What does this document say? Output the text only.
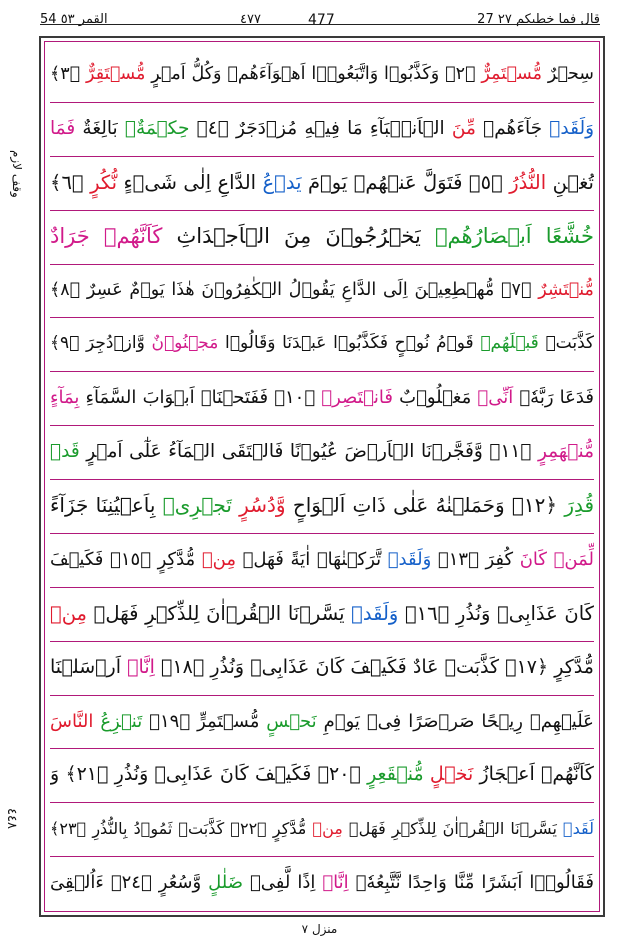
54 القمر ٥٣	٤٧٧	477	27 قال فما خطبكم ٢٧
وقف لازم
٤٤٨
سِحۡرٌ مُّسۡتَمِرٌّ ﴿٢﴾ وَكَذَّبُوۡا وَاتَّبَعُوۡۤا اَهۡوَآءَهُمۡ وَكُلُّ اَمۡرٍ مُّسۡتَقِرٌّ ﴿٣﴾
وَلَقَدۡ جَآءَهُمۡ مِّنَ الۡاَنۡۢبَآءِ مَا فِيۡهِ مُزۡدَجَرٌ ﴿٤﴾ حِكۡمَةٌۢ بَالِغَةٌ فَمَا
تُغۡنِ النُّذُرُ ﴿٥﴾ فَتَوَلَّ عَنۡهُمۡ يَوۡمَ يَدۡعُ الدَّاعِ اِلٰى شَىۡءٍ نُّكُرٍ ﴿٦﴾
خُشَّعًا اَبۡصَارُهُمۡ يَخۡرُجُوۡنَ مِنَ الۡاَجۡدَاثِ كَاَنَّهُمۡ جَرَادٌ
مُّنۡتَشِرٌ ﴿٧﴾ مُّهۡطِعِيۡنَ اِلَى الدَّاعِ يَقُوۡلُ الۡكٰفِرُوۡنَ هٰذَا يَوۡمٌ عَسِرٌ ﴿٨﴾
كَذَّبَتۡ قَبۡلَهُمۡ قَوۡمُ نُوۡحٍ فَكَذَّبُوۡا عَبۡدَنَا وَقَالُوۡا مَجۡنُوۡنٌ وَّازۡدُجِرَ ﴿٩﴾
فَدَعَا رَبَّهٗۤ اَنِّىۡ مَغۡلُوۡبٌ فَانۡتَصِرۡ ﴿١٠﴾ فَفَتَحۡنَاۤ اَبۡوَابَ السَّمَآءِ بِمَآءٍ
مُّنۡهَمِرٍ ﴿١١﴾ وَّفَجَّرۡنَا الۡاَرۡضَ عُيُوۡنًا فَالۡتَقَى الۡمَآءُ عَلٰٓى اَمۡرٍ قَدۡ
قُدِرَ ﴿١٢﴾ وَحَمَلۡنٰهُ عَلٰى ذَاتِ اَلۡوَاحٍ وَّدُسُرٍ تَجۡرِىۡ بِاَعۡيُنِنَا جَزَآءً
لِّمَنۡ كَانَ كُفِرَ ﴿١٣﴾ وَلَقَدۡ تَّرَكۡنٰهَاۤ اٰيَةً فَهَلۡ مِنۡ مُّدَّكِرٍ ﴿١٥﴾ فَكَيۡفَ
كَانَ عَذَابِىۡ وَنُذُرِ ﴿١٦﴾ وَلَقَدۡ يَسَّرۡنَا الۡقُرۡاٰنَ لِلذِّكۡرِ فَهَلۡ مِنۡ
مُّدَّكِرٍ ﴿١٧﴾ كَذَّبَتۡ عَادٌ فَكَيۡفَ كَانَ عَذَابِىۡ وَنُذُرِ ﴿١٨﴾ اِنَّاۤ اَرۡسَلۡنَا
عَلَيۡهِمۡ رِيۡحًا صَرۡصَرًا فِىۡ يَوۡمِ نَحۡسٍ مُّسۡتَمِرٍّ ﴿١٩﴾ تَنۡزِعُ النَّاسَ
كَاَنَّهُمۡ اَعۡجَازُ نَخۡلٍ مُّنۡقَعِرٍ ﴿٢٠﴾ فَكَيۡفَ كَانَ عَذَابِىۡ وَنُذُرِ ﴿٢١﴾ وَ
لَقَدۡ يَسَّرۡنَا الۡقُرۡاٰنَ لِلذِّكۡرِ فَهَلۡ مِنۡ مُّدَّكِرٍ ﴿٢٢﴾ كَذَّبَتۡ ثَمُوۡدُ بِالنُّذُرِ ﴿٢٣﴾
فَقَالُوۡۤا اَبَشَرًا مِّنَّا وَاحِدًا نَّتَّبِعُهٗۤ اِنَّاۤ اِذًا لَّفِىۡ ضَلٰلٍ وَّسُعُرٍ ﴿٢٤﴾ ءَاُلۡقِىَ
منزل ٧
